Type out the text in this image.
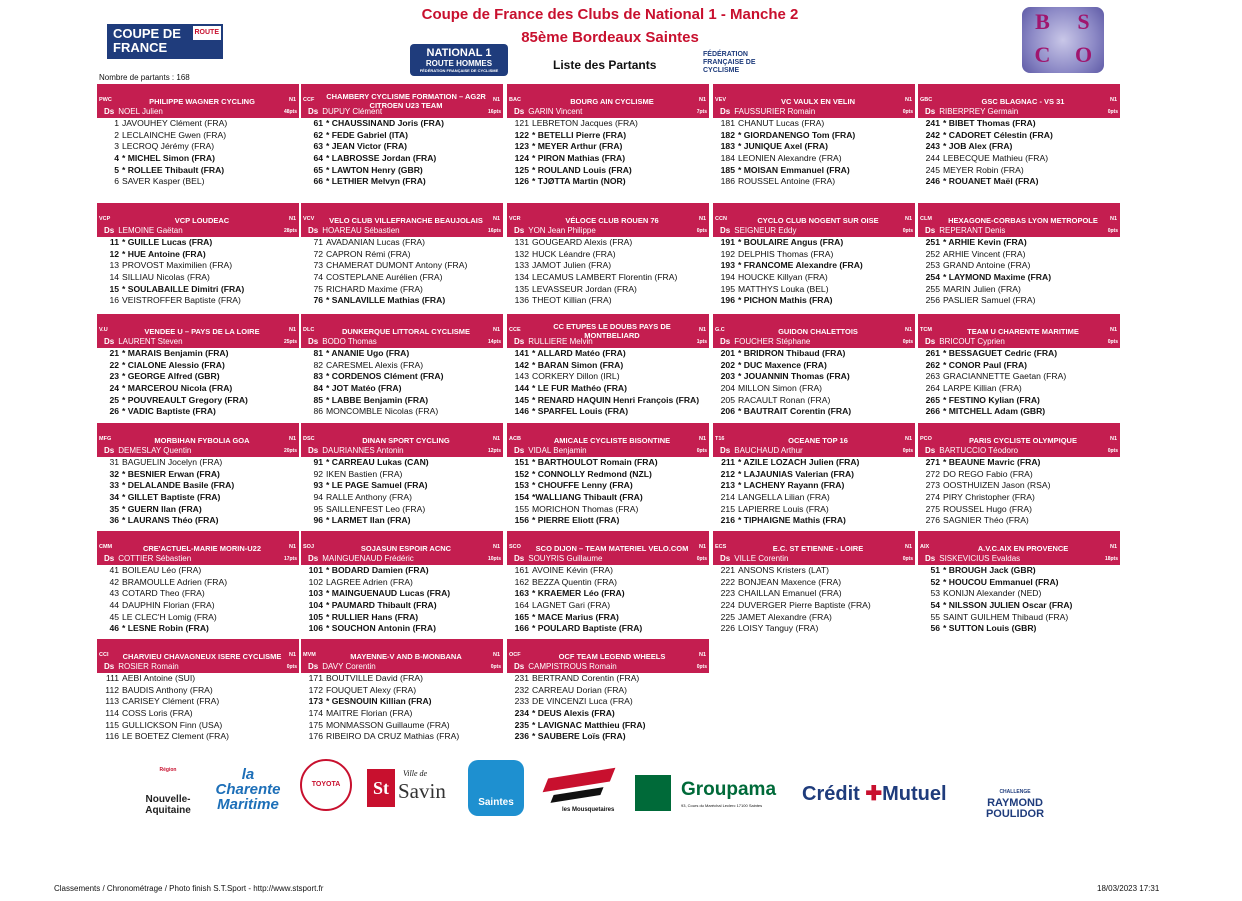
Coupe de France des Clubs de National 1 - Manche 2
85ème Bordeaux Saintes
Liste des Partants
COUPE DE
FRANCE
ROUTE
NATIONAL 1
ROUTE HOMMES
FÉDÉRATION FRANÇAISE DE CYCLISME
FÉDÉRATION FRANÇAISE DE CYCLISME
B	S
C	O
Nombre de partants : 168
PWC	PHILIPPE WAGNER CYCLING	N1
Ds NOEL Julien	48pts
1 JAVOUHEY Clément (FRA)
2 LECLAINCHE Gwen (FRA)
3 LECROQ Jérémy (FRA)
4 * MICHEL Simon (FRA)
5 * ROLLEE Thibault (FRA)
6 SAVER Kasper (BEL)
CCF CHAMBERY CYCLISME FORMATION – AG2R CITROEN U23 TEAM
N1
Ds DUPUY Clément	16pts
61 * CHAUSSINAND Joris (FRA)
62 * FEDE Gabriel (ITA)
63 * JEAN Victor (FRA)
64 * LABROSSE Jordan (FRA)
65 * LAWTON Henry (GBR)
66 * LETHIER Melvyn (FRA)
BAC	BOURG AIN CYCLISME	N1
Ds GARIN Vincent	7pts
121 LEBRETON Jacques (FRA)
122 * BETELLI Pierre (FRA)
123 * MEYER Arthur (FRA)
124 * PIRON Mathias (FRA)
125 * ROULAND Louis (FRA)
126 * TJØTTA Martin (NOR)
VEV	VC VAULX EN VELIN	N1
Ds FAUSSURIER Romain	0pts
181 CHANUT Lucas (FRA)
182 * GIORDANENGO Tom (FRA)
183 * JUNIQUE Axel (FRA)
184 LEONIEN Alexandre (FRA)
185 * MOISAN Emmanuel (FRA)
186 ROUSSEL Antoine (FRA)
GBC	GSC BLAGNAC - VS 31	N1
Ds RIBERPREY Germain	0pts
241 * BIBET Thomas (FRA)
242 * CADORET Célestin (FRA)
243 * JOB Alex (FRA)
244 LEBECQUE Mathieu (FRA)
245 MEYER Robin (FRA)
246 * ROUANET Maël (FRA)
VCP	VCP LOUDEAC	N1
Ds LEMOINE Gaëtan	28pts
11 * GUILLE Lucas (FRA)
12 * HUE Antoine (FRA)
13 PROVOST Maximilien (FRA)
14 SILLIAU Nicolas (FRA)
15 * SOULABAILLE Dimitri (FRA)
16 VEISTROFFER Baptiste (FRA)
VCV	VELO CLUB VILLEFRANCHE BEAUJOLAIS	N1
Ds HOAREAU Sébastien	16pts
71 AVADANIAN Lucas (FRA)
72 CAPRON Rémi (FRA)
73 CHAMERAT DUMONT Antony (FRA)
74 COSTEPLANE Aurélien (FRA)
75 RICHARD Maxime (FRA)
76 * SANLAVILLE Mathias (FRA)
VCR	VÉLOCE CLUB ROUEN 76	N1
Ds YON Jean Philippe	0pts
131 GOUGEARD Alexis (FRA)
132 HUCK Léandre (FRA)
133 JAMOT Julien (FRA)
134 LECAMUS LAMBERT Florentin (FRA)
135 LEVASSEUR Jordan (FRA)
136 THEOT Killian (FRA)
CCN	CYCLO CLUB NOGENT SUR OISE	N1
Ds SEIGNEUR Eddy	0pts
191 * BOULAIRE Angus (FRA)
192 DELPHIS Thomas (FRA)
193 * FRANCOME Alexandre (FRA)
194 HOUCKE Killyan (FRA)
195 MATTHYS Louka (BEL)
196 * PICHON Mathis (FRA)
CLM	HEXAGONE-CORBAS LYON METROPOLE	N1
Ds REPERANT Denis	0pts
251 * ARHIE Kevin (FRA)
252 ARHIE Vincent (FRA)
253 GRAND Antoine (FRA)
254 * LAYMOND Maxime (FRA)
255 MARIN Julien (FRA)
256 PASLIER Samuel (FRA)
V.U	VENDEE U – PAYS DE LA LOIRE	N1
Ds LAURENT Steven	25pts
21 * MARAIS Benjamin (FRA)
22 * CIALONE Alessio (FRA)
23 * GEORGE Alfred (GBR)
24 * MARCEROU Nicola (FRA)
25 * POUVREAULT Gregory (FRA)
26 * VADIC Baptiste (FRA)
DLC	DUNKERQUE LITTORAL CYCLISME	N1
Ds BODO Thomas	14pts
81 * ANANIE Ugo (FRA)
82 CARESMEL Alexis (FRA)
83 * CORDENOS Clément (FRA)
84 * JOT Matéo (FRA)
85 * LABBE Benjamin (FRA)
86 MONCOMBLE Nicolas (FRA)
CCE	CC ETUPES LE DOUBS PAYS DE MONTBELIARD
N1
Ds RULLIERE Melvin	1pts
141 * ALLARD Matéo (FRA)
142 * BARAN Simon (FRA)
143 CORKERY Dillon (IRL)
144 * LE FUR Mathéo (FRA)
145 * RENARD HAQUIN Henri François (FRA)
146 * SPARFEL Louis (FRA)
G.C	GUIDON CHALETTOIS	N1
Ds FOUCHER Stéphane	0pts
201 * BRIDRON Thibaud (FRA)
202 * DUC Maxence (FRA)
203 * JOUANNIN Thomas (FRA)
204 MILLON Simon (FRA)
205 RACAULT Ronan (FRA)
206 * BAUTRAIT Corentin (FRA)
TCM	TEAM U CHARENTE MARITIME	N1
Ds BRICOUT Cyprien	0pts
261 * BESSAGUET Cedric (FRA)
262 * CONOR Paul (FRA)
263 GRACIANNETTE Gaetan (FRA)
264 LARPE Killian (FRA)
265 * FESTINO Kylian (FRA)
266 * MITCHELL Adam (GBR)
MFG	MORBIHAN FYBOLIA GOA	N1
Ds DEMESLAY Quentin	20pts
31 BAGUELIN Jocelyn (FRA)
32 * BESNIER Erwan (FRA)
33 * DELALANDE Basile (FRA)
34 * GILLET Baptiste (FRA)
35 * GUERN Ilan (FRA)
36 * LAURANS Théo (FRA)
DSC	DINAN SPORT CYCLING	N1
Ds DAURIANNES Antonin	12pts
91 * CARREAU Lukas (CAN)
92 IKEN Bastien (FRA)
93 * LE PAGE Samuel (FRA)
94 RALLE Anthony (FRA)
95 SAILLENFEST Leo (FRA)
96 * LARMET Ilan (FRA)
ACB	AMICALE CYCLISTE BISONTINE	N1
Ds VIDAL Benjamin	0pts
151 * BARTHOULOT Romain (FRA)
152 * CONNOLLY Redmond (NZL)
153 * CHOUFFE Lenny (FRA)
154 *WALLIANG Thibault (FRA)
155 MORICHON Thomas (FRA)
156 * PIERRE Eliott (FRA)
T16	OCEANE TOP 16	N1
Ds BAUCHAUD Arthur	0pts
211 * AZILE LOZACH Julien (FRA)
212 * LAJAUNIAS Valerian (FRA)
213 * LACHENY Rayann (FRA)
214 LANGELLA Lilian (FRA)
215 LAPIERRE Louis (FRA)
216 * TIPHAIGNE Mathis (FRA)
PCO	PARIS CYCLISTE OLYMPIQUE	N1
Ds BARTUCCIO Téodoro	0pts
271 * BEAUNE Mavric (FRA)
272 DO REGO Fabio (FRA)
273 OOSTHUIZEN Jason (RSA)
274 PIRY Christopher (FRA)
275 ROUSSEL Hugo (FRA)
276 SAGNIER Théo (FRA)
CMM	CRE'ACTUEL-MARIE MORIN-U22	N1
Ds COTTIER Sébastien	17pts
41 BOILEAU Léo (FRA)
42 BRAMOULLE Adrien (FRA)
43 COTARD Theo (FRA)
44 DAUPHIN Florian (FRA)
45 LE CLEC'H Lomig (FRA)
46 * LESNE Robin (FRA)
SOJ	SOJASUN ESPOIR ACNC	N1
Ds MAINGUENAUD Frédéric	10pts
101 * BODARD Damien (FRA)
102 LAGREE Adrien (FRA)
103 * MAINGUENAUD Lucas (FRA)
104 * PAUMARD Thibault (FRA)
105 * RULLIER Hans (FRA)
106 * SOUCHON Antonin (FRA)
SCO	SCO DIJON – TEAM MATERIEL VELO.COM	N1
Ds SOUYRIS Guillaume	0pts
161 AVOINE Kévin (FRA)
162 BEZZA Quentin (FRA)
163 * KRAEMER Léo (FRA)
164 LAGNET Gari (FRA)
165 * MACE Marius (FRA)
166 * POULARD Baptiste (FRA)
ECS	E.C. ST ETIENNE - LOIRE	N1
Ds VILLE Corentin	0pts
221 ANSONS Kristers (LAT)
222 BONJEAN Maxence (FRA)
223 CHAILLAN Emanuel (FRA)
224 DUVERGER Pierre Baptiste (FRA)
225 JAMET Alexandre (FRA)
226 LOISY Tanguy (FRA)
AIX	A.V.C.AIX EN PROVENCE	N1
Ds SISKEVICIUS Evaldas	18pts
51 * BROUGH Jack (GBR)
52 * HOUCOU Emmanuel (FRA)
53 KONIJN Alexander (NED)
54 * NILSSON JULIEN Oscar (FRA)
55 SAINT GUILHEM Thibaud (FRA)
56 * SUTTON Louis (GBR)
CCI CHARVIEU CHAVAGNEUX ISERE CYCLISME N1
Ds ROSIER Romain	0pts
111 AEBI Antoine (SUI)
112 BAUDIS Anthony (FRA)
113 CARISEY Clément (FRA)
114 COSS Loris (FRA)
115 GULLICKSON Finn (USA)
116 LE BOETEZ Clement (FRA)
MVM	MAYENNE-V AND B-MONBANA	N1
Ds DAVY Corentin	0pts
171 BOUTVILLE David (FRA)
172 FOUQUET Alexy (FRA)
173 * GESNOUIN Killian (FRA)
174 MAITRE Florian (FRA)
175 MONMASSON Guillaume (FRA)
176 RIBEIRO DA CRUZ Mathias (FRA)
OCF	OCF TEAM LEGEND WHEELS	N1
Ds CAMPISTROUS Romain	0pts
231 BERTRAND Corentin (FRA)
232 CARREAU Dorian (FRA)
233 DE VINCENZI Luca (FRA)
234 * DEUS Alexis (FRA)
235 * LAVIGNAC Matthieu (FRA)
236 * SAUBERE Loïs (FRA)
Région
Nouvelle-
Aquitaine
la
Charente
Maritime
TOYOTA	St
Ville de
Savin	Saintes
les Mousquetaires
Groupama
93, Cours du Maréchal Leclerc 17100 Saintes
Crédit ✚Mutuel	CHALLENGE
RAYMOND
POULIDOR
Classements / Chronométrage / Photo finish S.T.Sport - http://www.stsport.fr	18/03/2023 17:31
